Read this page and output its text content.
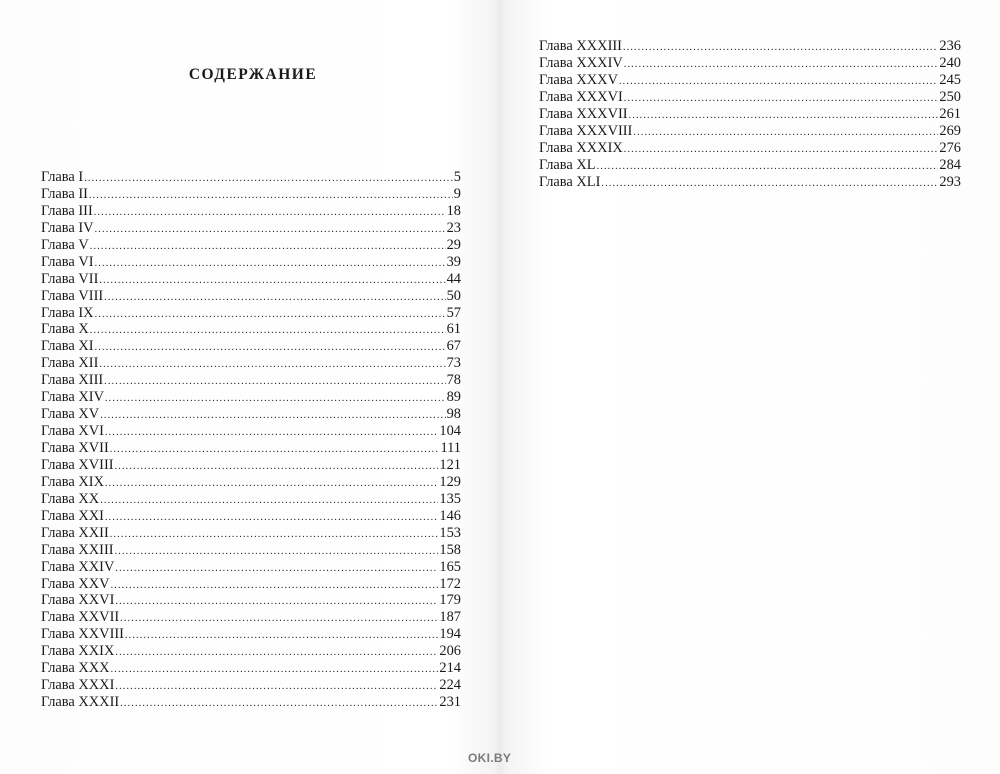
СОДЕРЖАНИЕ
Глава I .....	5
Глава II .....	9
Глава III .....	18
Глава IV .....	23
Глава V .....	29
Глава VI .....	39
Глава VII .....	44
Глава VIII .....	50
Глава IX .....	57
Глава X .....	61
Глава XI .....	67
Глава XII .....	73
Глава XIII .....	78
Глава XIV .....	89
Глава XV .....	98
Глава XVI .....	104
Глава XVII .....	111
Глава XVIII .....	121
Глава XIX .....	129
Глава XX .....	135
Глава XXI .....	146
Глава XXII .....	153
Глава XXIII .....	158
Глава XXIV .....	165
Глава XXV .....	172
Глава XXVI .....	179
Глава XXVII .....	187
Глава XXVIII .....	194
Глава XXIX .....	206
Глава XXX .....	214
Глава XXXI .....	224
Глава XXXII .....	231
Глава XXXIII .....	236
Глава XXXIV .....	240
Глава XXXV .....	245
Глава XXXVI .....	250
Глава XXXVII .....	261
Глава XXXVIII .....	269
Глава XXXIX .....	276
Глава XL .....	284
Глава XLI .....	293
OKI.BY
